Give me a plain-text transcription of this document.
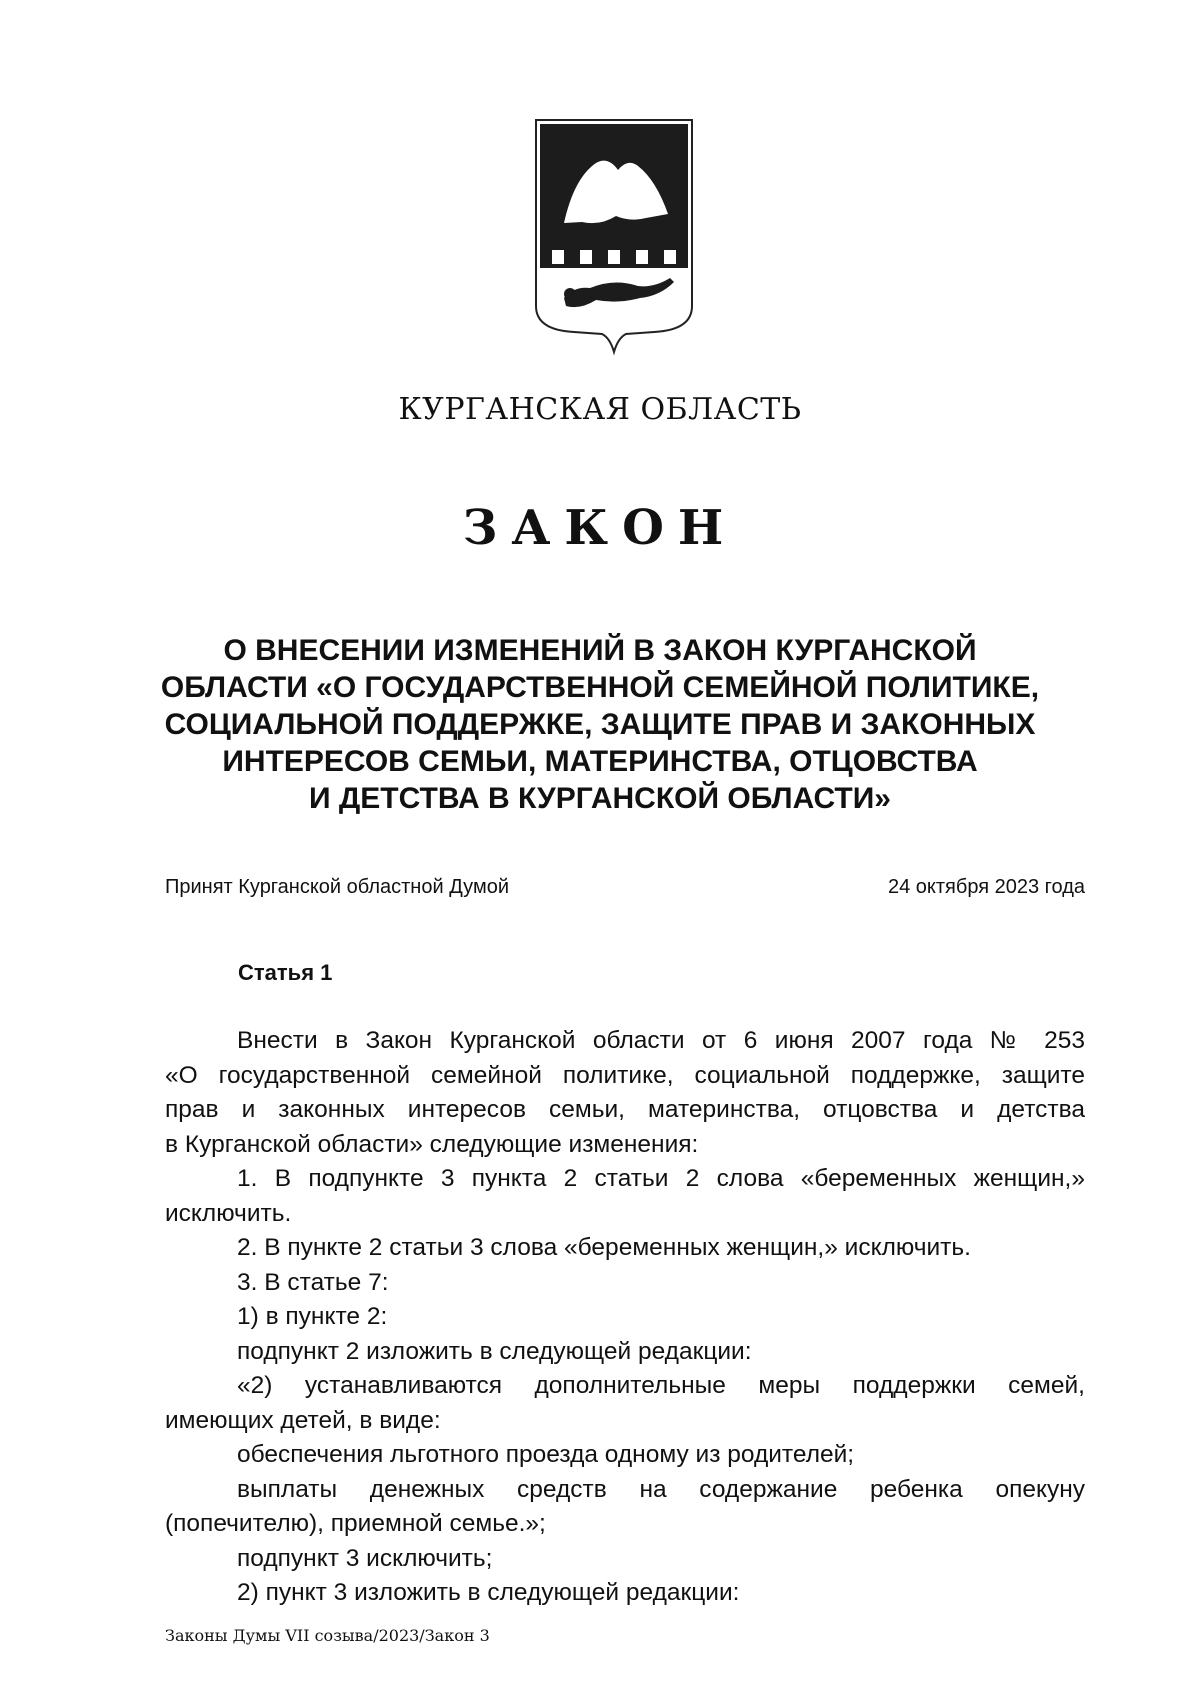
КУРГАНСКАЯ ОБЛАСТЬ
ЗАКОН
О ВНЕСЕНИИ ИЗМЕНЕНИЙ В ЗАКОН КУРГАНСКОЙ
ОБЛАСТИ «О ГОСУДАРСТВЕННОЙ СЕМЕЙНОЙ ПОЛИТИКЕ,
СОЦИАЛЬНОЙ ПОДДЕРЖКЕ, ЗАЩИТЕ ПРАВ И ЗАКОННЫХ
ИНТЕРЕСОВ СЕМЬИ, МАТЕРИНСТВА, ОТЦОВСТВА
И ДЕТСТВА В КУРГАНСКОЙ ОБЛАСТИ»
Принят Курганской областной Думой	24 октября 2023 года
Статья 1

Внести в Закон Курганской области от 6 июня 2007 года № 253

«О государственной семейной политике, социальной поддержке, защите

прав и законных интересов семьи, материнства, отцовства и детства

в Курганской области» следующие изменения:

1. В подпункте 3 пункта 2 статьи 2 слова «беременных женщин,»

исключить.

2. В пункте 2 статьи 3 слова «беременных женщин,» исключить.

3. В статье 7:

1) в пункте 2:

подпункт 2 изложить в следующей редакции:

«2) устанавливаются дополнительные меры поддержки семей,

имеющих детей, в виде:

обеспечения льготного проезда одному из родителей;

выплаты денежных средств на содержание ребенка опекуну

(попечителю), приемной семье.»;

подпункт 3 исключить;

2) пункт 3 изложить в следующей редакции:

Законы Думы VII созыва/2023/Закон 3
